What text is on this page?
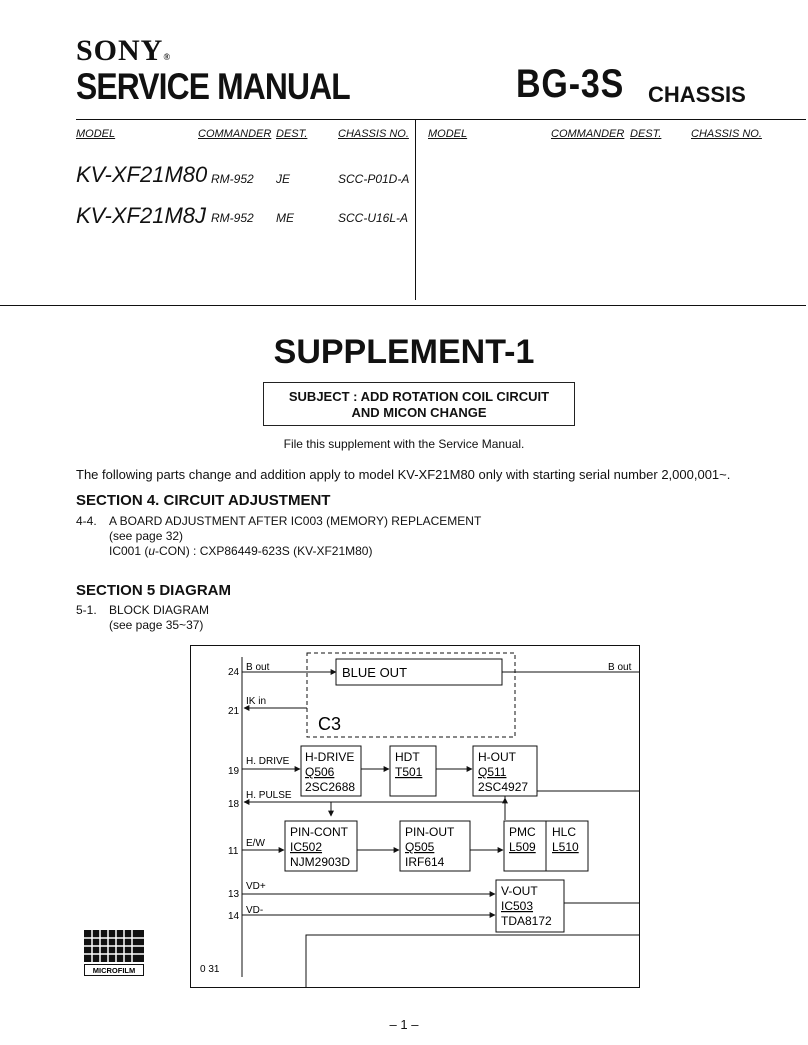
SONY®
SERVICE MANUAL	BG-3S CHASSIS
MODEL	COMMANDER DEST.	CHASSIS NO. MODEL	COMMANDER DEST.	CHASSIS NO.
KV-XF21M80 RM-952 JE	SCC-P01D-A
KV-XF21M8J RM-952 ME	SCC-U16L-A
SUPPLEMENT-1
SUBJECT : ADD ROTATION COIL CIRCUIT
AND MICON CHANGE
File this supplement with the Service Manual.
The following parts change and addition apply to model KV-XF21M80 only with starting serial number 2,000,001~.
SECTION 4. CIRCUIT ADJUSTMENT
4-4. A BOARD ADJUSTMENT AFTER IC003 (MEMORY) REPLACEMENT
(see page 32)
IC001 (u-CON) : CXP86449-623S (KV-XF21M80)
SECTION 5 DIAGRAM
5-1. BLOCK DIAGRAM
(see page 35~37)
24
21
19
18
11
13
14
0 31
B out
IK in
H. DRIVE
H. PULSE
E/W
VD+
VD-
B out
BLUE OUT
C3
H-DRIVE
Q506
2SC2688
HDT
T501
H-OUT
Q511
2SC4927
PIN-CONT
IC502
NJM2903D
PIN-OUT
Q505
IRF614
PMC
L509
HLC
L510
V-OUT
IC503
TDA8172
MICROFILM
– 1 –
